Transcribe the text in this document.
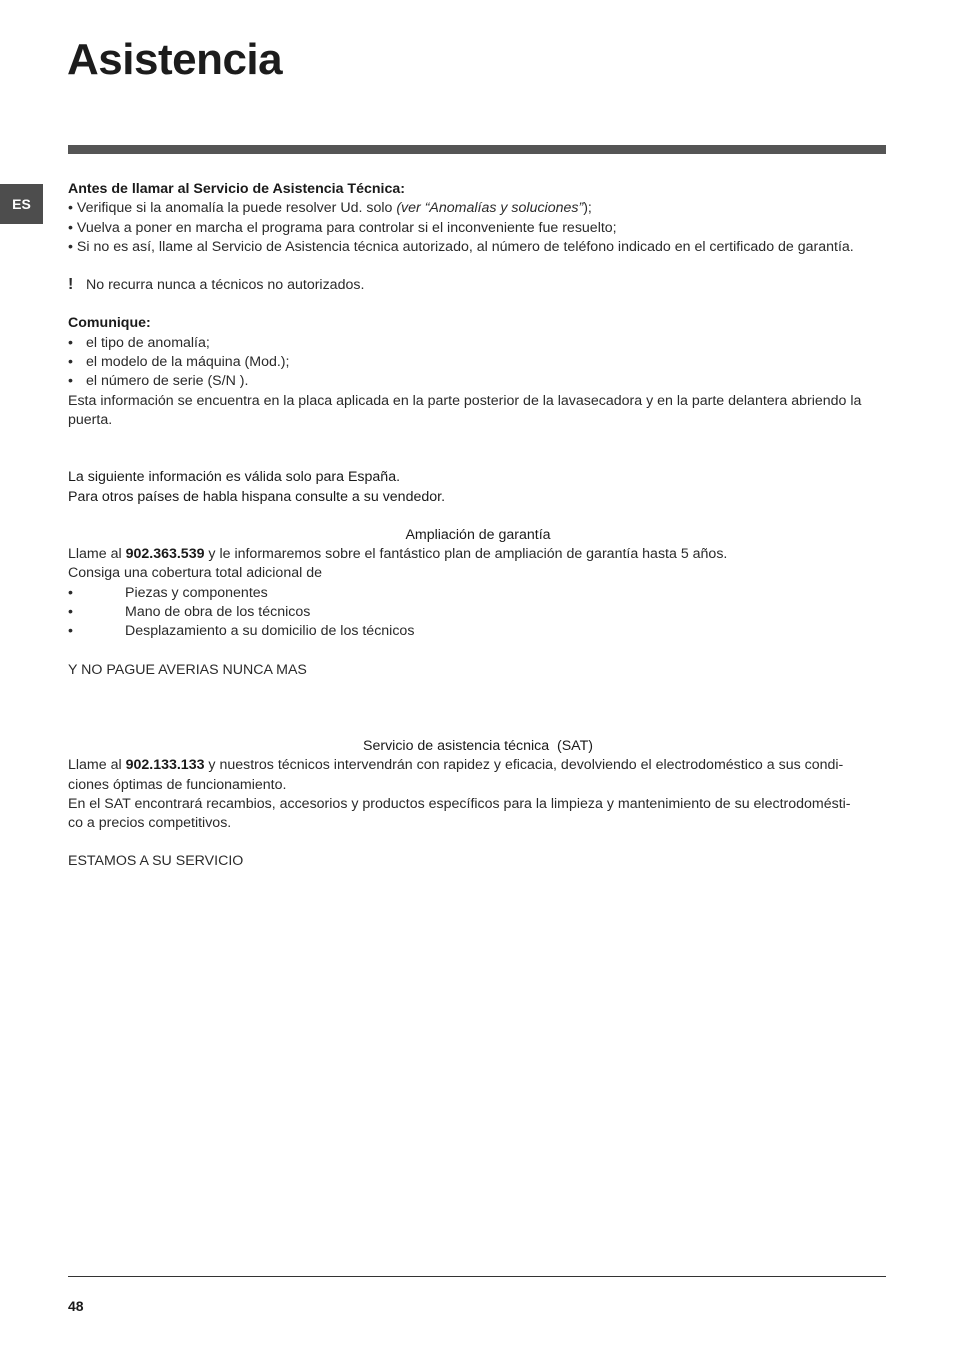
Asistencia
ES
Antes de llamar al Servicio de Asistencia Técnica:
• Verifique si la anomalía la puede resolver Ud. solo (ver “Anomalías y soluciones”);
• Vuelva a poner en marcha el programa para controlar si el inconveniente fue resuelto;
• Si no es así, llame al Servicio de Asistencia técnica autorizado, al número de teléfono indicado en el certificado de garantía.
! No recurra nunca a técnicos no autorizados.
Comunique:
• el tipo de anomalía;
• el modelo de la máquina (Mod.);
• el número de serie (S/N ).
Esta información se encuentra en la placa aplicada en la parte posterior de la lavasecadora y en la parte delantera abriendo la puerta.
La siguiente información es válida solo para España.
Para otros países de habla hispana consulte a su vendedor.
Ampliación de garantía
Llame al 902.363.539 y le informaremos sobre el fantástico plan de ampliación de garantía hasta 5 años.
Consiga una cobertura total adicional de
•	Piezas y componentes
•	Mano de obra de los técnicos
•	Desplazamiento a su domicilio de los técnicos
Y NO PAGUE AVERIAS NUNCA MAS
Servicio de asistencia técnica  (SAT)
Llame al 902.133.133 y nuestros técnicos intervendrán con rapidez y eficacia, devolviendo el electrodoméstico a sus condi-
ciones óptimas de funcionamiento.
En el SAT encontrará recambios, accesorios y productos específicos para la limpieza y mantenimiento de su electrodomésti-
co a precios competitivos.
ESTAMOS A SU SERVICIO
48
